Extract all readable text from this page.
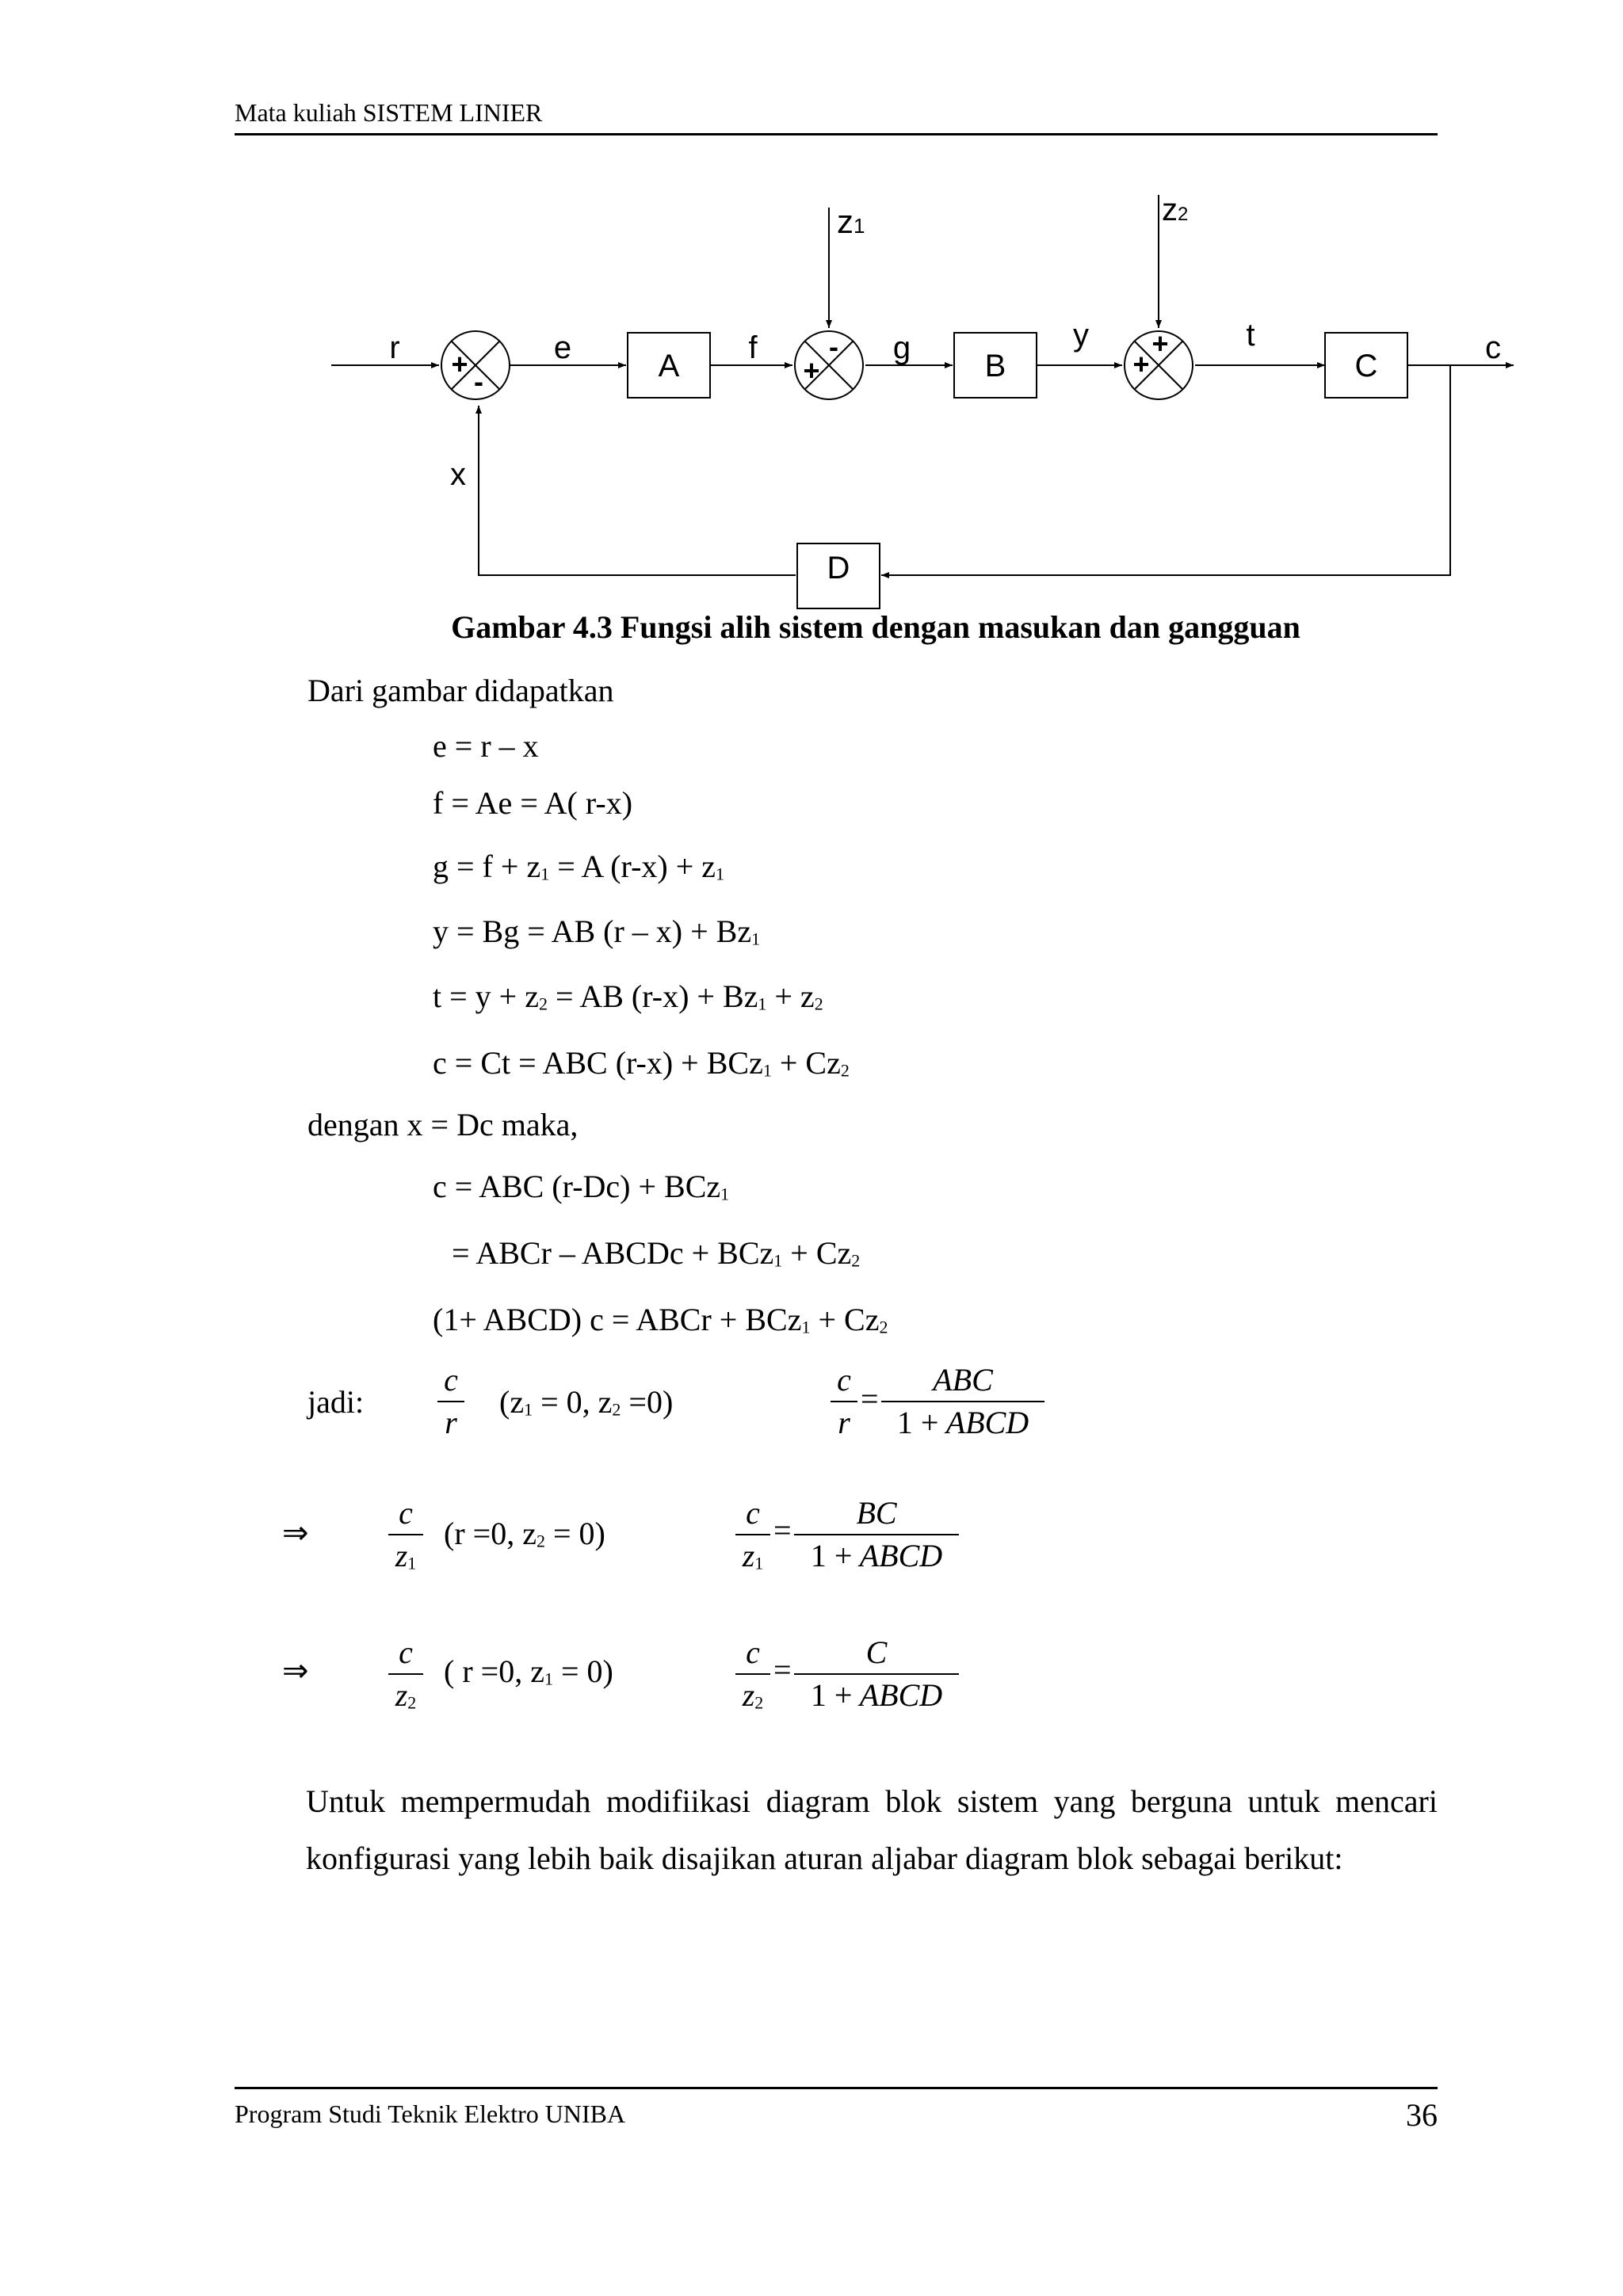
Mata kuliah SISTEM LINIER
A	B	C
D
r	e	f	g	y	t	c
x
z1	z2
+
-
-
+
+
+
Gambar 4.3 Fungsi alih sistem dengan masukan dan gangguan
Dari gambar didapatkan
e = r – x
f = Ae = A( r-x)
$g = f + z_1 = A$ $(r-x) + z_1$
y = Bg = AB $(r - x) + Bz_1$
$t = y + z_2$ = AB $(r-x) + Bz_1 + z_2$
c = Ct = ABC $(r-x) + BCz_1 + Cz_2$
dengan x = Dc maka,
c = ABC (r-Dc) + BCz$_1$
= ABCr – ABCDc + $BCz_1 + Cz_2$
(1+ ABCD) c = ABCr + $BCz_1 + Cz_2$
jadi:
c
r
($z_1 = 0$, $z_2 =0$)
c
r
=
ABC
1 + ABCD
⇒
c
$z_1$
(r =0, $z_2 = 0$)
c
$z_1$
=	BC
1 + ABCD
⇒
c
$z_2$
( r =0, $z_1 = 0$)
c
$z_2$
=	C
1 + ABCD
Untuk mempermudah modifiikasi diagram blok sistem yang berguna untuk mencari
konfigurasi yang lebih baik disajikan aturan aljabar diagram blok sebagai berikut:
Program Studi Teknik Elektro UNIBA	36
